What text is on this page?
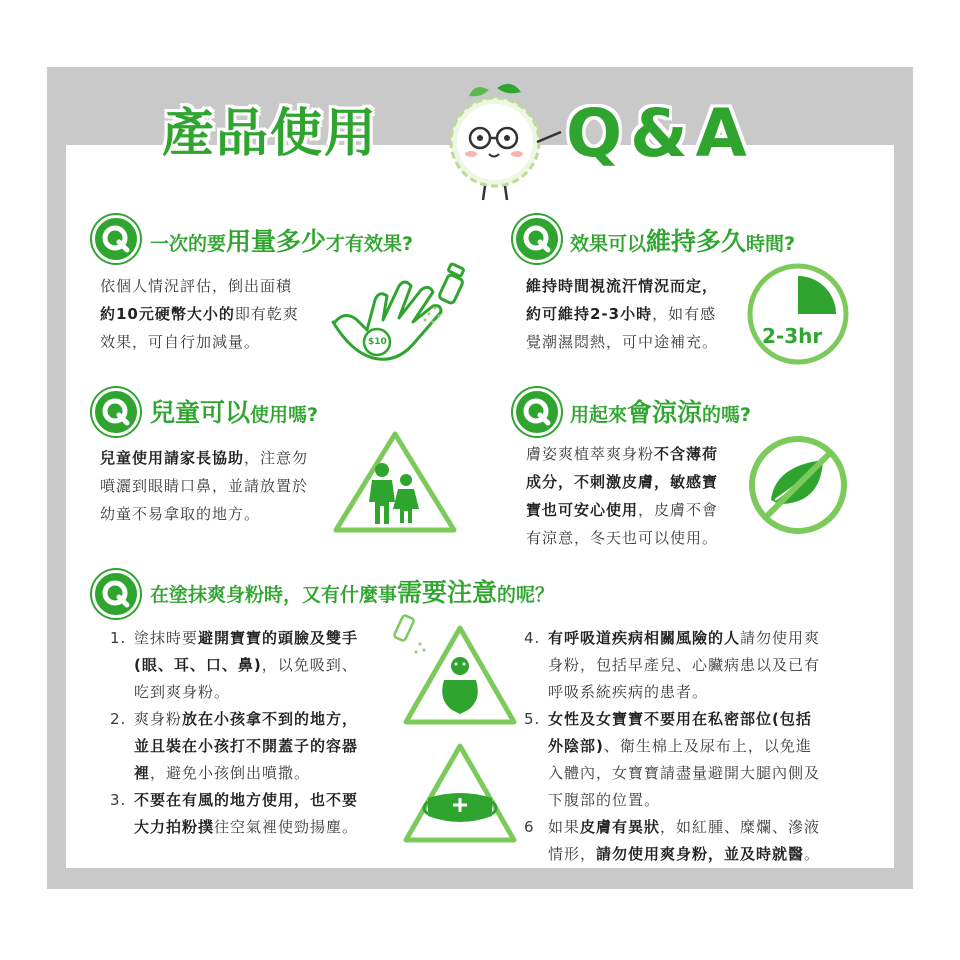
產品使用	Q&A
一次的要用量多少才有效果?
依個人情況評估，倒出面積
約10元硬幣大小的即有乾爽
效果，可自行加減量。	$10
效果可以維持多久時間?
維持時間視流汗情況而定，
約可維持2-3小時，如有感
覺潮濕悶熱，可中途補充。 2-3hr
兒童可以使用嗎?
兒童使用請家長協助，注意勿
噴灑到眼睛口鼻，並請放置於
幼童不易拿取的地方。
用起來會涼涼的嗎?
膚姿爽植萃爽身粉不含薄荷
成分，不刺激皮膚，敏感寶
寶也可安心使用，皮膚不會
有涼意，冬天也可以使用。
在塗抹爽身粉時，又有什麼事需要注意的呢？
1. 塗抹時要避開寶寶的頭臉及雙手
(眼、耳、口、鼻)，以免吸到、
吃到爽身粉。
2. 爽身粉放在小孩拿不到的地方，
並且裝在小孩打不開蓋子的容器
裡，避免小孩倒出噴撒。
3. 不要在有風的地方使用，也不要
大力拍粉撲往空氣裡使勁揚塵。
4. 有呼吸道疾病相關風險的人請勿使用爽
身粉，包括早產兒、心臟病患以及已有
呼吸系統疾病的患者。
5. 女性及女寶寶不要用在私密部位(包括
外陰部)、衛生棉上及尿布上，以免進
入體內，女寶寶請盡量避開大腿內側及
下腹部的位置。
6 如果皮膚有異狀，如紅腫、糜爛、滲液
情形，請勿使用爽身粉，並及時就醫。
